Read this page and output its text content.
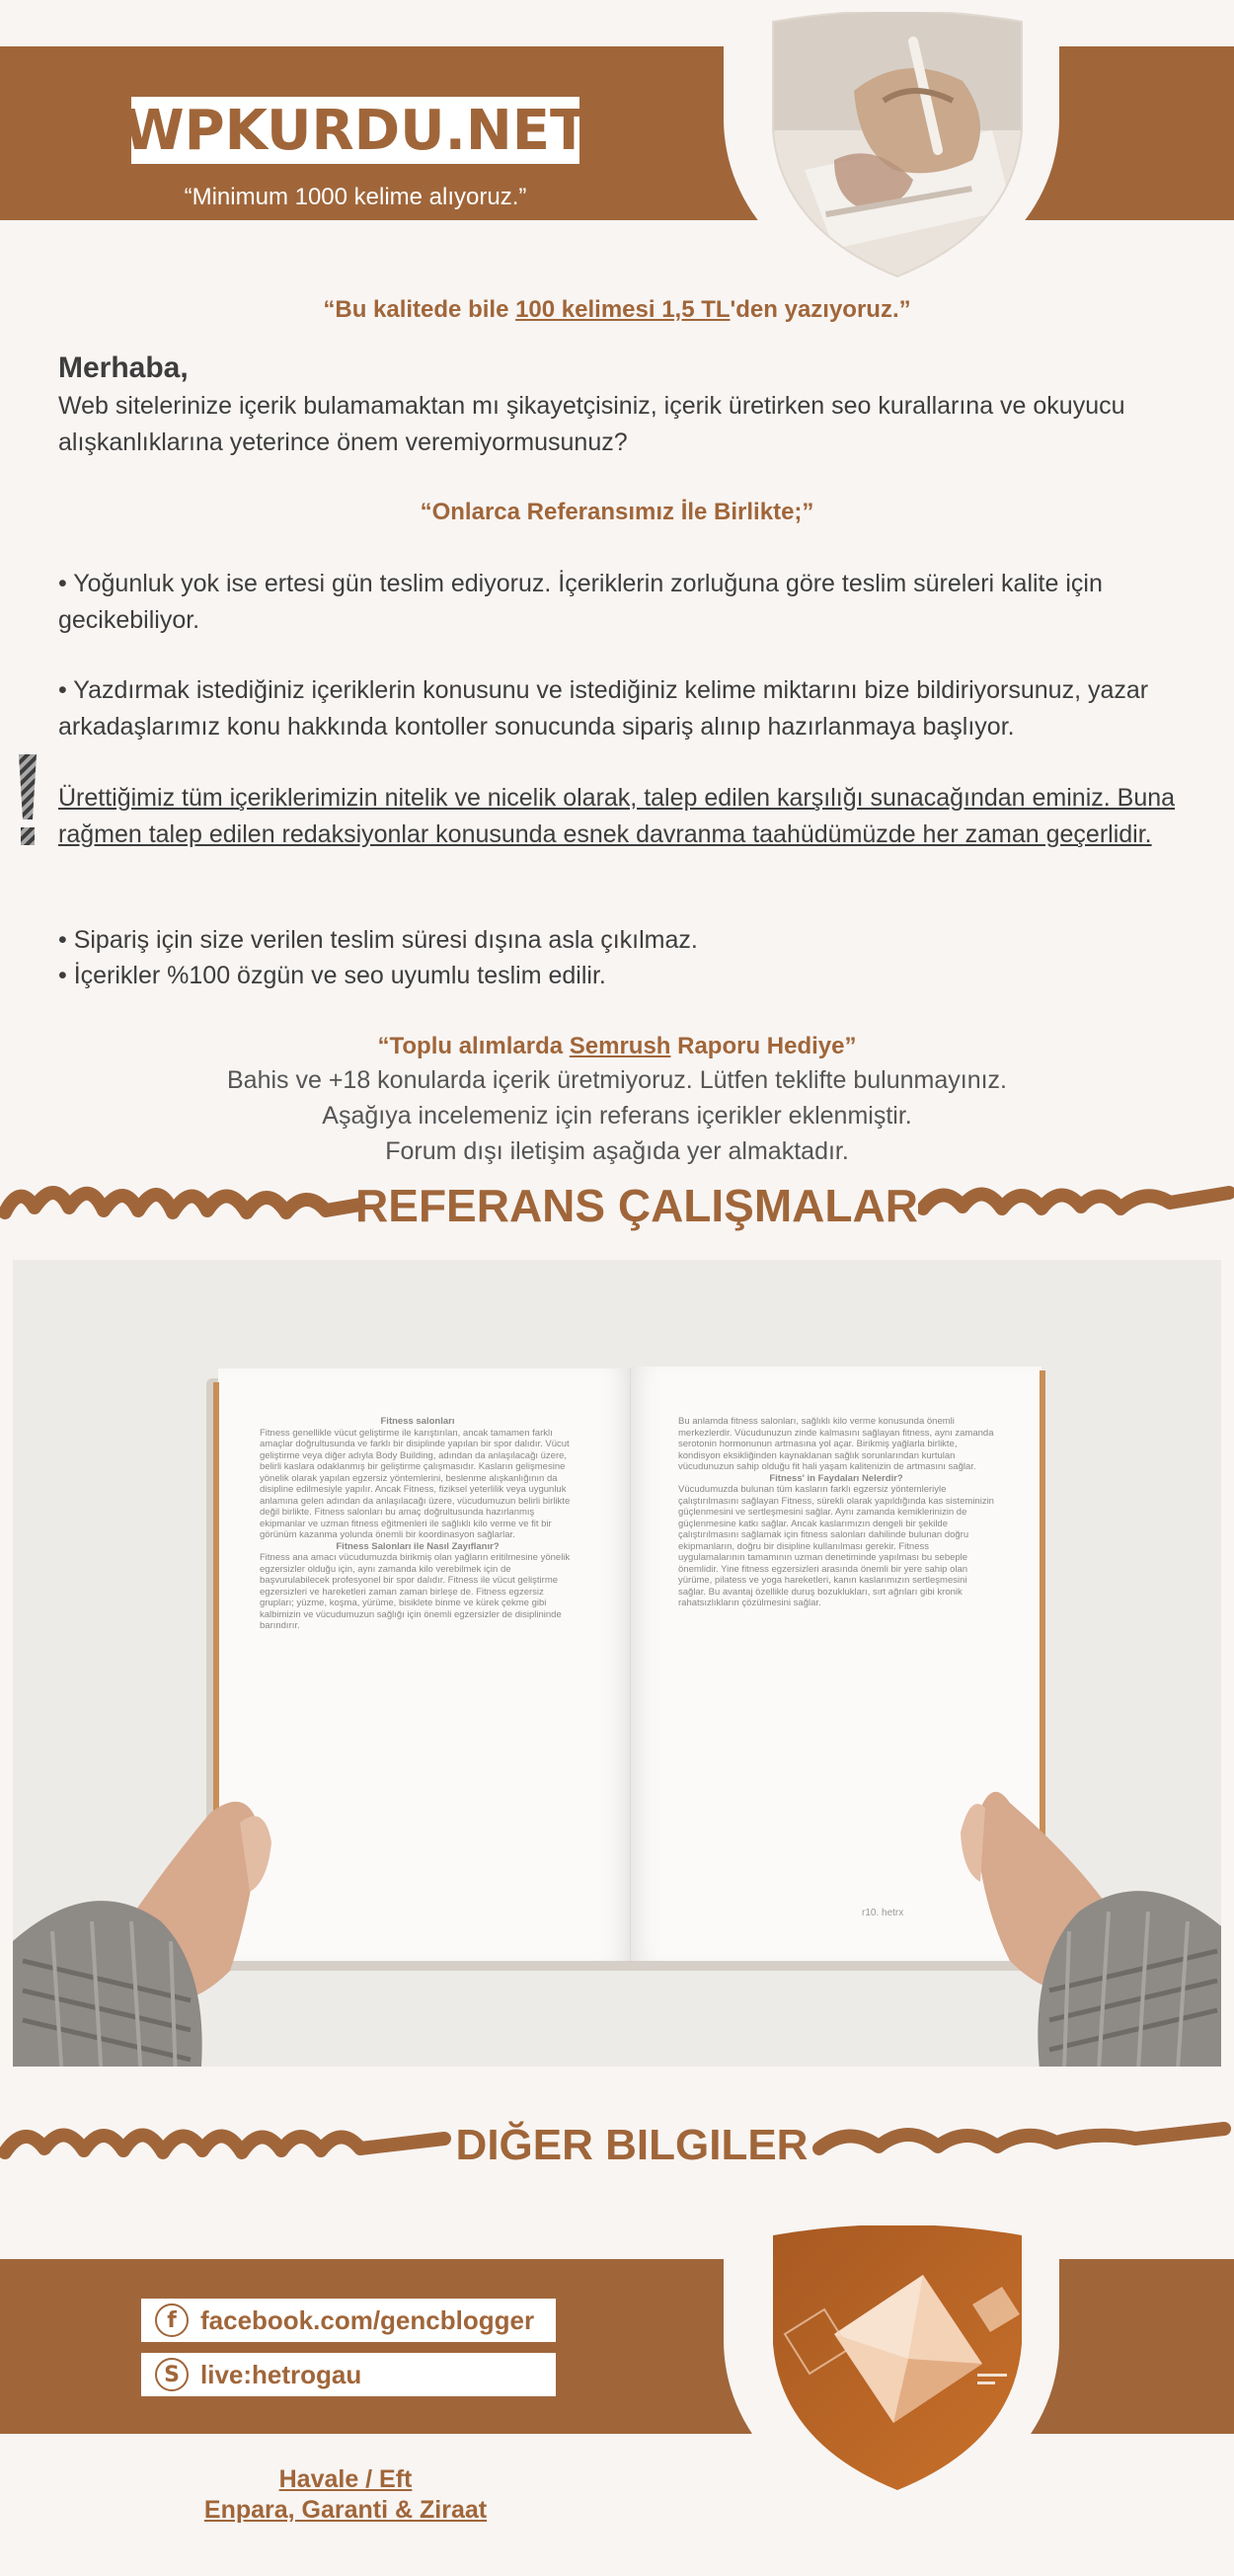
WPKURDU.NET
“Minimum 1000 kelime alıyoruz.”
“Bu kalitede bile 100 kelimesi 1,5 TL'den yazıyoruz.”
Merhaba,
Web sitelerinize içerik bulamamaktan mı şikayetçisiniz, içerik üretirken seo kurallarına ve okuyucu alışkanlıklarına yeterince önem veremiyormusunuz?
“Onlarca Referansımız İle Birlikte;”
• Yoğunluk yok ise ertesi gün teslim ediyoruz. İçeriklerin zorluğuna göre teslim süreleri kalite için gecikebiliyor.
• Yazdırmak istediğiniz içeriklerin konusunu ve istediğiniz kelime miktarını bize bildiriyorsunuz, yazar arkadaşlarımız konu hakkında kontoller sonucunda sipariş alınıp hazırlanmaya başlıyor.
Ürettiğimiz tüm içeriklerimizin nitelik ve nicelik olarak, talep edilen karşılığı sunacağından eminiz. Buna rağmen talep edilen redaksiyonlar konusunda esnek davranma taahüdümüzde her zaman geçerlidir.
• Sipariş için size verilen teslim süresi dışına asla çıkılmaz.
• İçerikler %100 özgün ve seo uyumlu teslim edilir.
“Toplu alımlarda Semrush Raporu Hediye”
Bahis ve +18 konularda içerik üretmiyoruz. Lütfen teklifte bulunmayınız.
Aşağıya incelemeniz için referans içerikler eklenmiştir.
Forum dışı iletişim aşağıda yer almaktadır.
REFERANS ÇALIŞMALAR
Fitness salonları
Fitness genellikle vücut geliştirme ile karıştırılan, ancak tamamen farklı amaçlar doğrultusunda ve farklı bir disiplinde yapılan bir spor dalıdır. Vücut geliştirme veya diğer adıyla Body Building, adından da anlaşılacağı üzere, belirli kaslara odaklanmış bir geliştirme çalışmasıdır. Kasların gelişmesine yönelik olarak yapılan egzersiz yöntemlerini, beslenme alışkanlığının da disipline edilmesiyle yapılır. Ancak Fitness, fiziksel yeterlilik veya uygunluk anlamına gelen adından da anlaşılacağı üzere, vücudumuzun belirli birlikte değil birlikte. Fitness salonları bu amaç doğrultusunda hazırlanmış ekipmanlar ve uzman fitness eğitmenleri ile sağlıklı kilo verme ve fit bir görünüm kazanma yolunda önemli bir koordinasyon sağlarlar.
Fitness Salonları ile Nasıl Zayıflanır?
Fitness ana amacı vücudumuzda birikmiş olan yağların eritilmesine yönelik egzersizler olduğu için, aynı zamanda kilo verebilmek için de başvurulabilecek profesyonel bir spor dalıdır. Fitness ile vücut geliştirme egzersizleri ve hareketleri zaman zaman birleşe de. Fitness egzersiz grupları; yüzme, koşma, yürüme, bisiklete binme ve kürek çekme gibi kalbimizin ve vücudumuzun sağlığı için önemli egzersizler de disiplininde barındırır.
Bu anlamda fitness salonları, sağlıklı kilo verme konusunda önemli merkezlerdir. Vücudunuzun zinde kalmasını sağlayan fitness, aynı zamanda serotonin hormonunun artmasına yol açar. Birikmiş yağlarla birlikte, kondisyon eksikliğinden kaynaklanan sağlık sorunlarından kurtulan vücudunuzun sahip olduğu fit hali yaşam kalitenizin de artmasını sağlar.
Fitness' in Faydaları Nelerdir?
Vücudumuzda bulunan tüm kasların farklı egzersiz yöntemleriyle çalıştırılmasını sağlayan Fitness, sürekli olarak yapıldığında kas sisteminizin güçlenmesini ve sertleşmesini sağlar. Aynı zamanda kemiklerinizin de güçlenmesine katkı sağlar. Ancak kaslarımızın dengeli bir şekilde çalıştırılmasını sağlamak için fitness salonları dahilinde bulunan doğru ekipmanların, doğru bir disipline kullanılması gerekir. Fitness uygulamalarının tamamının uzman denetiminde yapılması bu sebeple önemlidir. Yine fitness egzersizleri arasında önemli bir yere sahip olan yürüme, pilatess ve yoga hareketleri, kanın kaslarımızın sertleşmesini sağlar. Bu avantaj özellikle duruş bozuklukları, sırt ağrıları gibi kronik rahatsızlıkların çözülmesini sağlar.
r10. hetrx
DIĞER BILGILER
f facebook.com/gencblogger
S live:hetrogau
Havale / Eft
Enpara, Garanti & Ziraat
